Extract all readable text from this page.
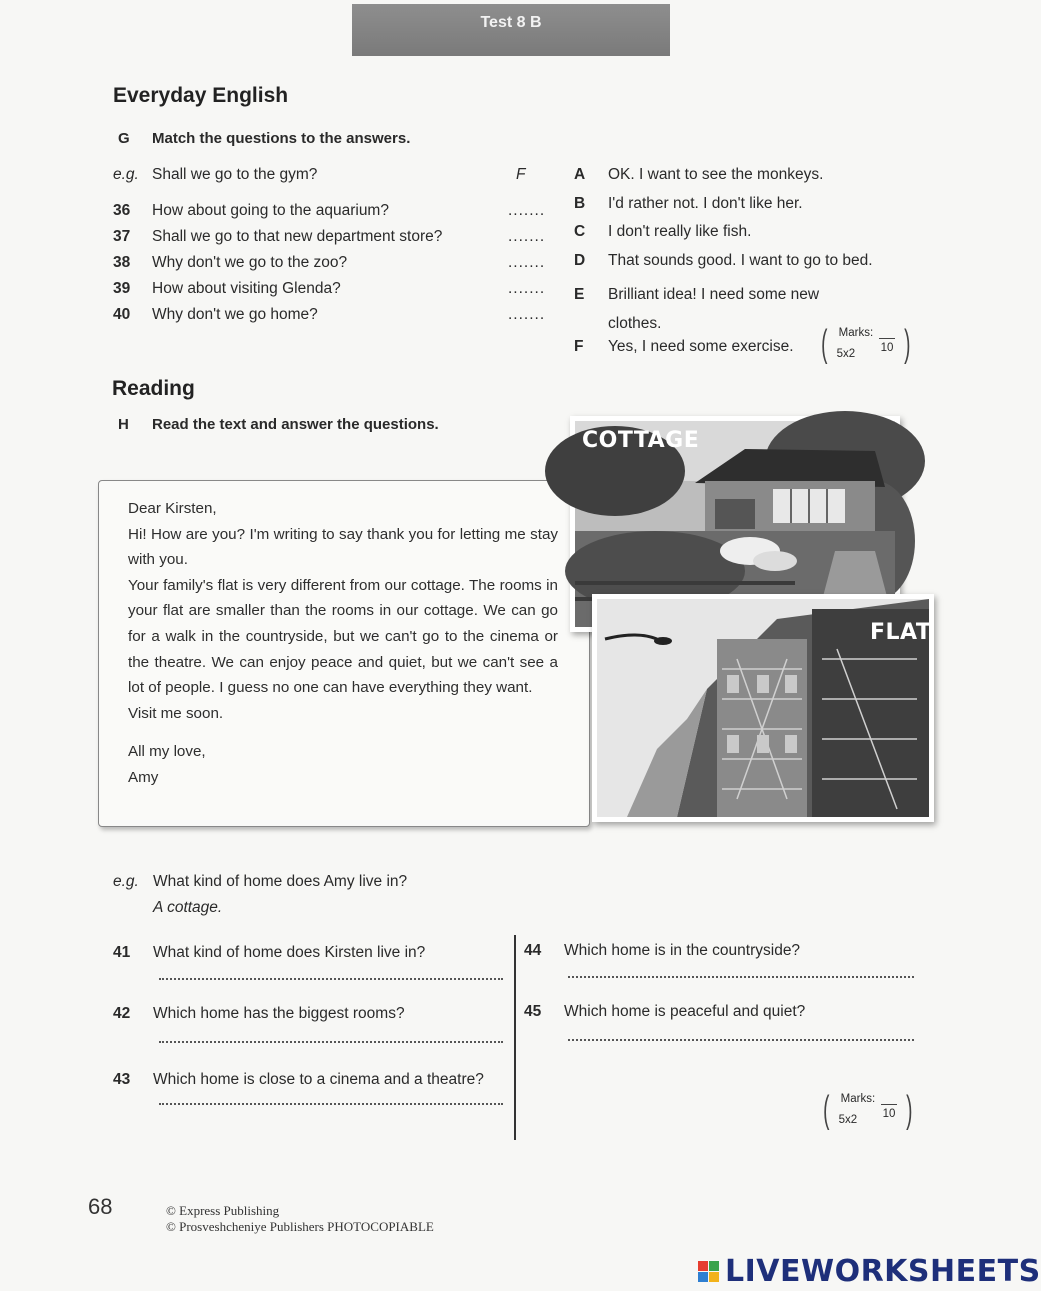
Test 8 B
Everyday English
G Match the questions to the answers.
e.g. Shall we go to the gym?	F
36	How about going to the aquarium?	.......
37	Shall we go to that new department store?	.......
38	Why don't we go to the zoo?	.......
39	How about visiting Glenda?	.......
40	Why don't we go home?	.......
A	OK. I want to see the monkeys.
B	I'd rather not. I don't like her.
C	I don't really like fish.
D	That sounds good. I want to go to bed.
E	Brilliant idea! I need some new clothes.
F	Yes, I need some exercise. ( Marks:
10
5x2 )
Reading
H Read the text and answer the questions.

Dear Kirsten,

Hi! How are you? I'm writing to say thank you for letting me stay with you.

Your family's flat is very different from our cottage. The rooms in your flat are smaller than the rooms in our cottage. We can go for a walk in the countryside, but we can't go to the cinema or the theatre. We can enjoy peace and quiet, but we can't see a lot of people. I guess no one can have everything they want.

Visit me soon.

All my love,

Amy

COTTAGE
FLAT
e.g. What kind of home does Amy live in?
A cottage.
41	What kind of home does Kirsten live in?
42	Which home has the biggest rooms?
43	Which home is close to a cinema and a theatre?
44	Which home is in the countryside?
45	Which home is peaceful and quiet?
( Marks:
10
5x2 )
68	© Express Publishing
© Prosveshcheniye Publishers PHOTOCOPIABLE
LIVEWORKSHEETS
